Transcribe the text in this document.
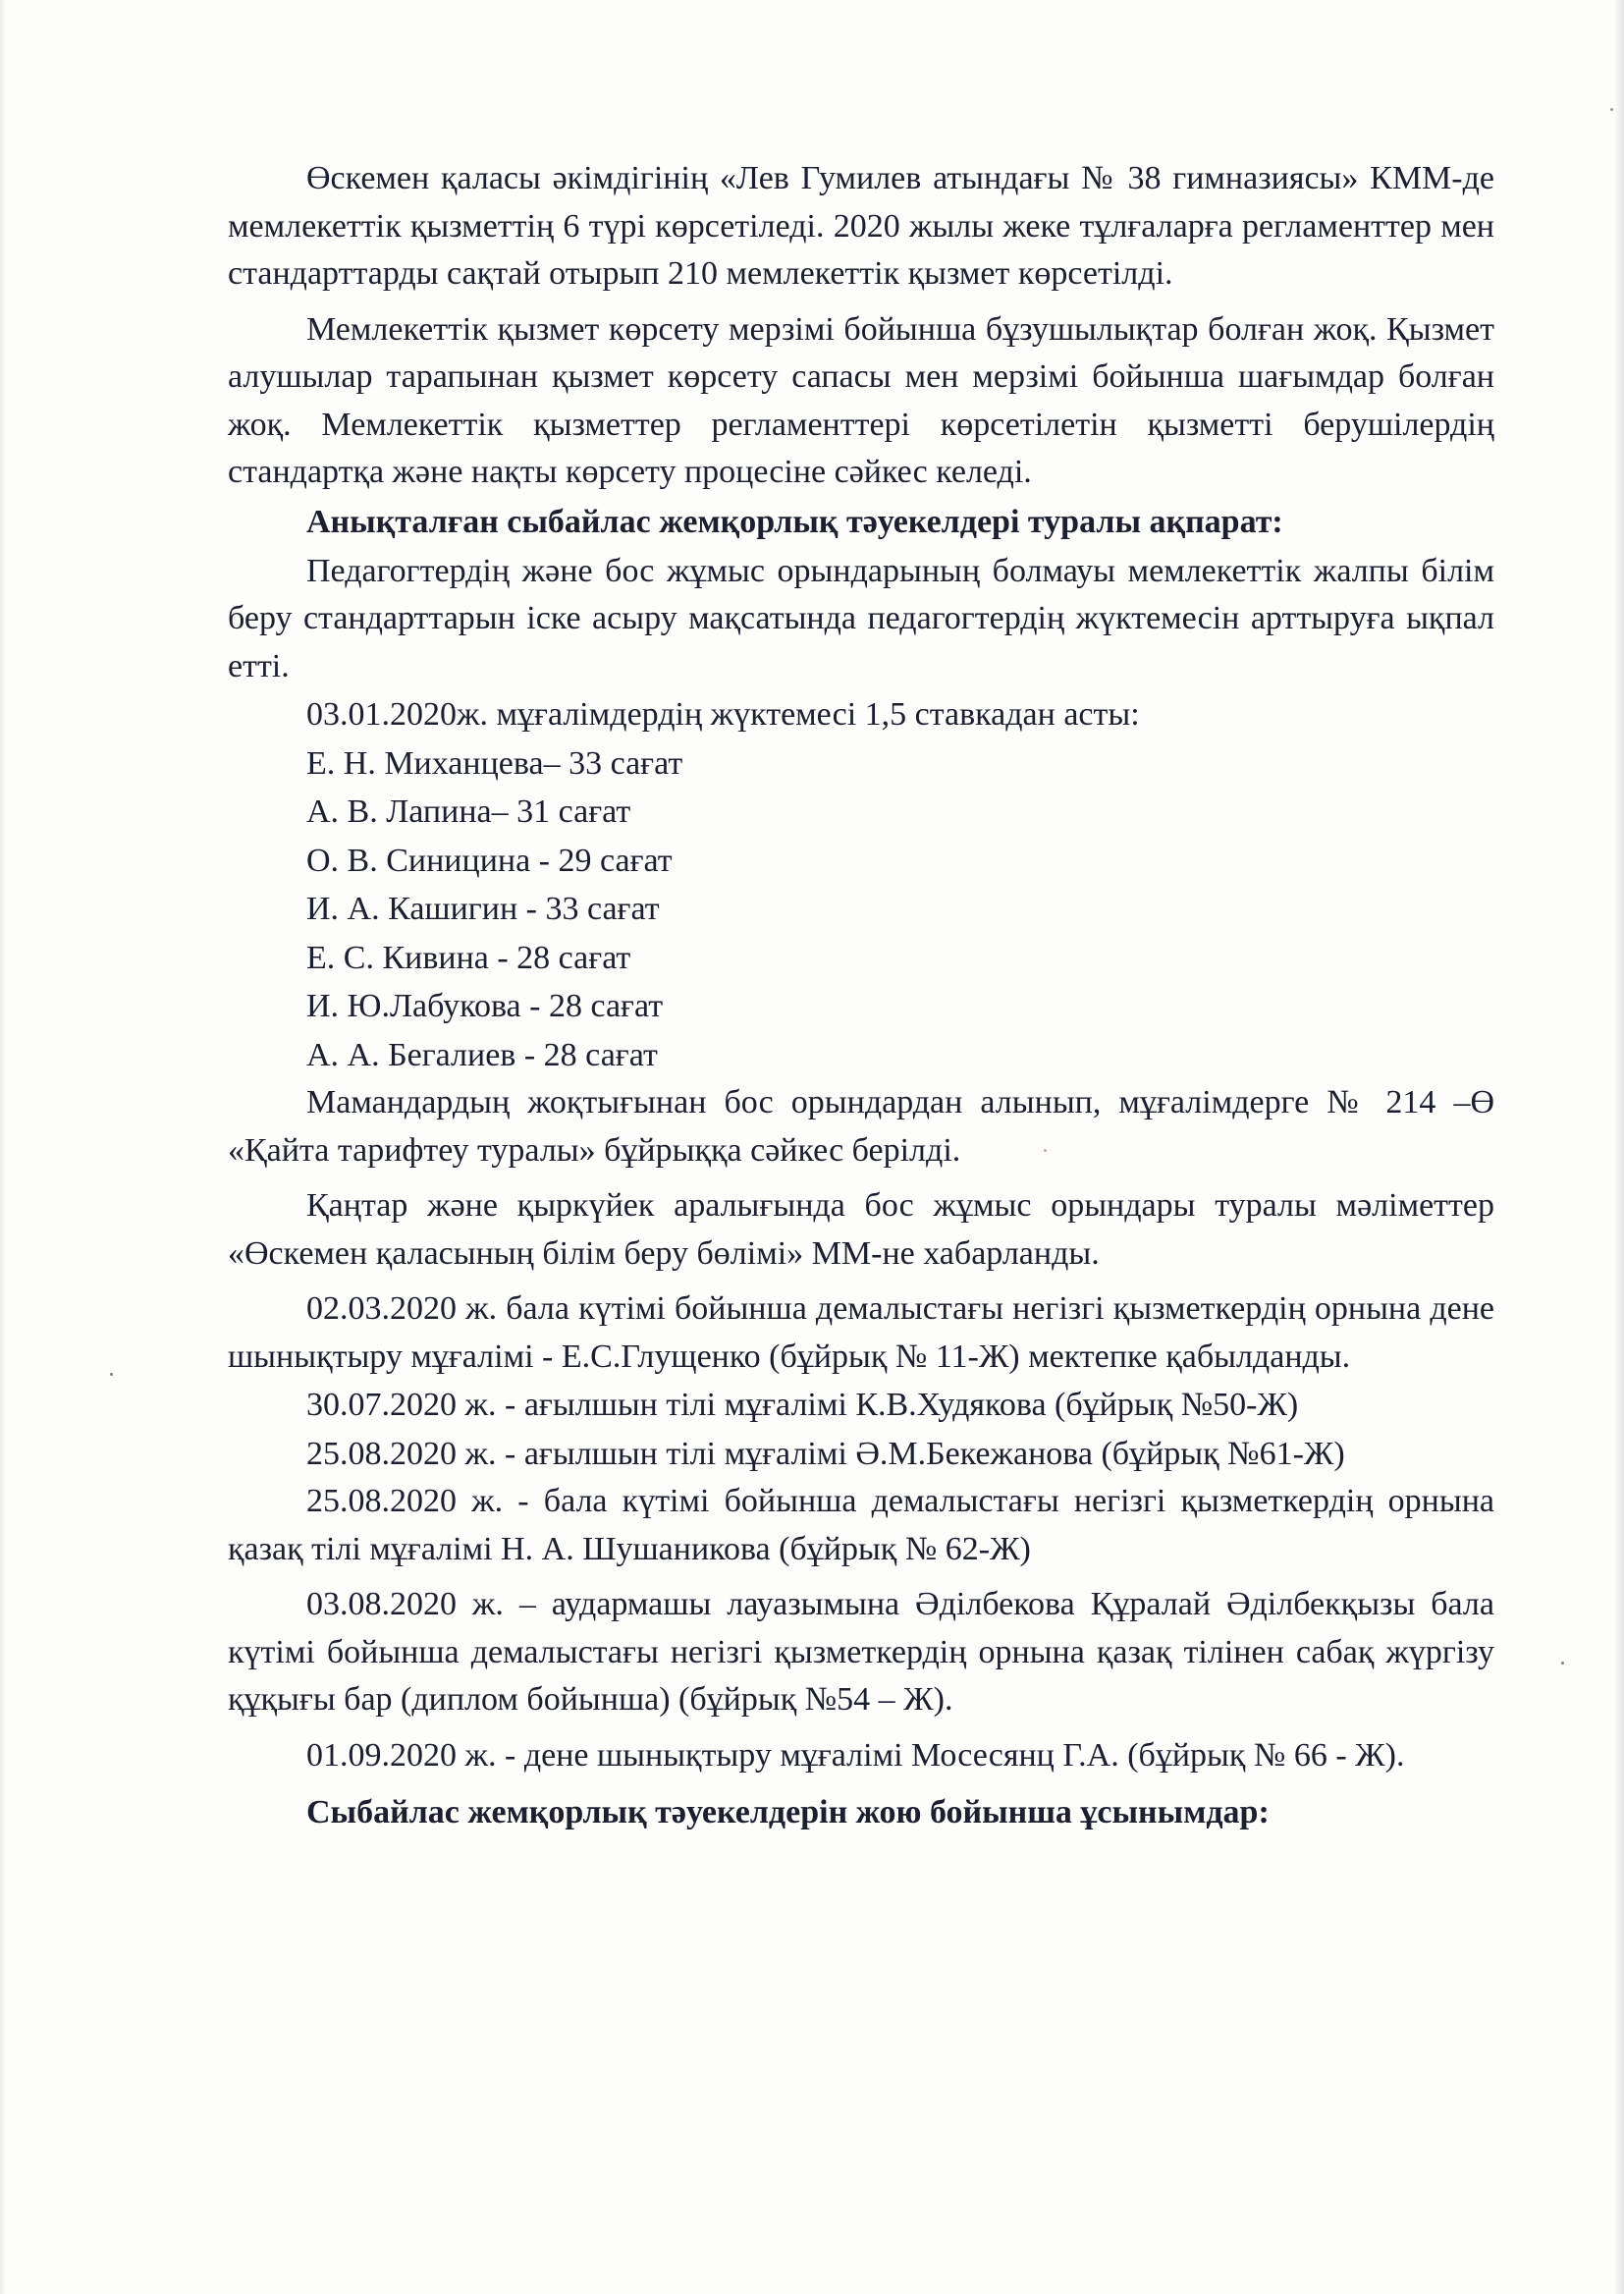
Өскемен қаласы әкімдігінің «Лев Гумилев атындағы № 38 гимназиясы» КММ-де мемлекеттік қызметтің 6 түрі көрсетіледі. 2020 жылы жеке тұлғаларға регламенттер мен стандарттарды сақтай отырып 210 мемлекеттік қызмет көрсетілді.

Мемлекеттік қызмет көрсету мерзімі бойынша бұзушылықтар болған жоқ. Қызмет алушылар тарапынан қызмет көрсету сапасы мен мерзімі бойынша шағымдар болған жоқ. Мемлекеттік қызметтер регламенттері көрсетілетін қызметті берушілердің стандартқа және нақты көрсету процесіне сәйкес келеді.

Анықталған сыбайлас жемқорлық тәуекелдері туралы ақпарат:

Педагогтердің және бос жұмыс орындарының болмауы мемлекеттік жалпы білім беру стандарттарын іске асыру мақсатында педагогтердің жүктемесін арттыруға ықпал етті.

03.01.2020ж. мұғалімдердің жүктемесі 1,5 ставкадан асты:

Е. Н. Миханцева– 33 сағат

А. В. Лапина– 31 сағат

О. В. Синицина - 29 сағат

И. А. Кашигин - 33 сағат

Е. С. Кивина - 28 сағат

И. Ю.Лабукова - 28 сағат

А. А. Бегалиев - 28 сағат

Мамандардың жоқтығынан бос орындардан алынып, мұғалімдерге № 214 –Ө «Қайта тарифтеу туралы» бұйрыққа сәйкес берілді.

Қаңтар және қыркүйек аралығында бос жұмыс орындары туралы мәліметтер «Өскемен қаласының білім беру бөлімі» ММ-не хабарланды.

02.03.2020 ж. бала күтімі бойынша демалыстағы негізгі қызметкердің орнына дене шынықтыру мұғалімі - Е.С.Глущенко (бұйрық № 11-Ж) мектепке қабылданды.

30.07.2020 ж. - ағылшын тілі мұғалімі К.В.Худякова (бұйрық №50-Ж)

25.08.2020 ж. - ағылшын тілі мұғалімі Ә.М.Бекежанова (бұйрық №61-Ж)

25.08.2020 ж. - бала күтімі бойынша демалыстағы негізгі қызметкердің орнына қазақ тілі мұғалімі Н. А. Шушаникова (бұйрық № 62-Ж)

03.08.2020 ж. – аудармашы лауазымына Әділбекова Құралай Әділбекқызы бала күтімі бойынша демалыстағы негізгі қызметкердің орнына қазақ тілінен сабақ жүргізу құқығы бар (диплом бойынша) (бұйрық №54 – Ж).

01.09.2020 ж. - дене шынықтыру мұғалімі Мосесянц Г.А. (бұйрық № 66 - Ж).

Сыбайлас жемқорлық тәуекелдерін жою бойынша ұсынымдар:
